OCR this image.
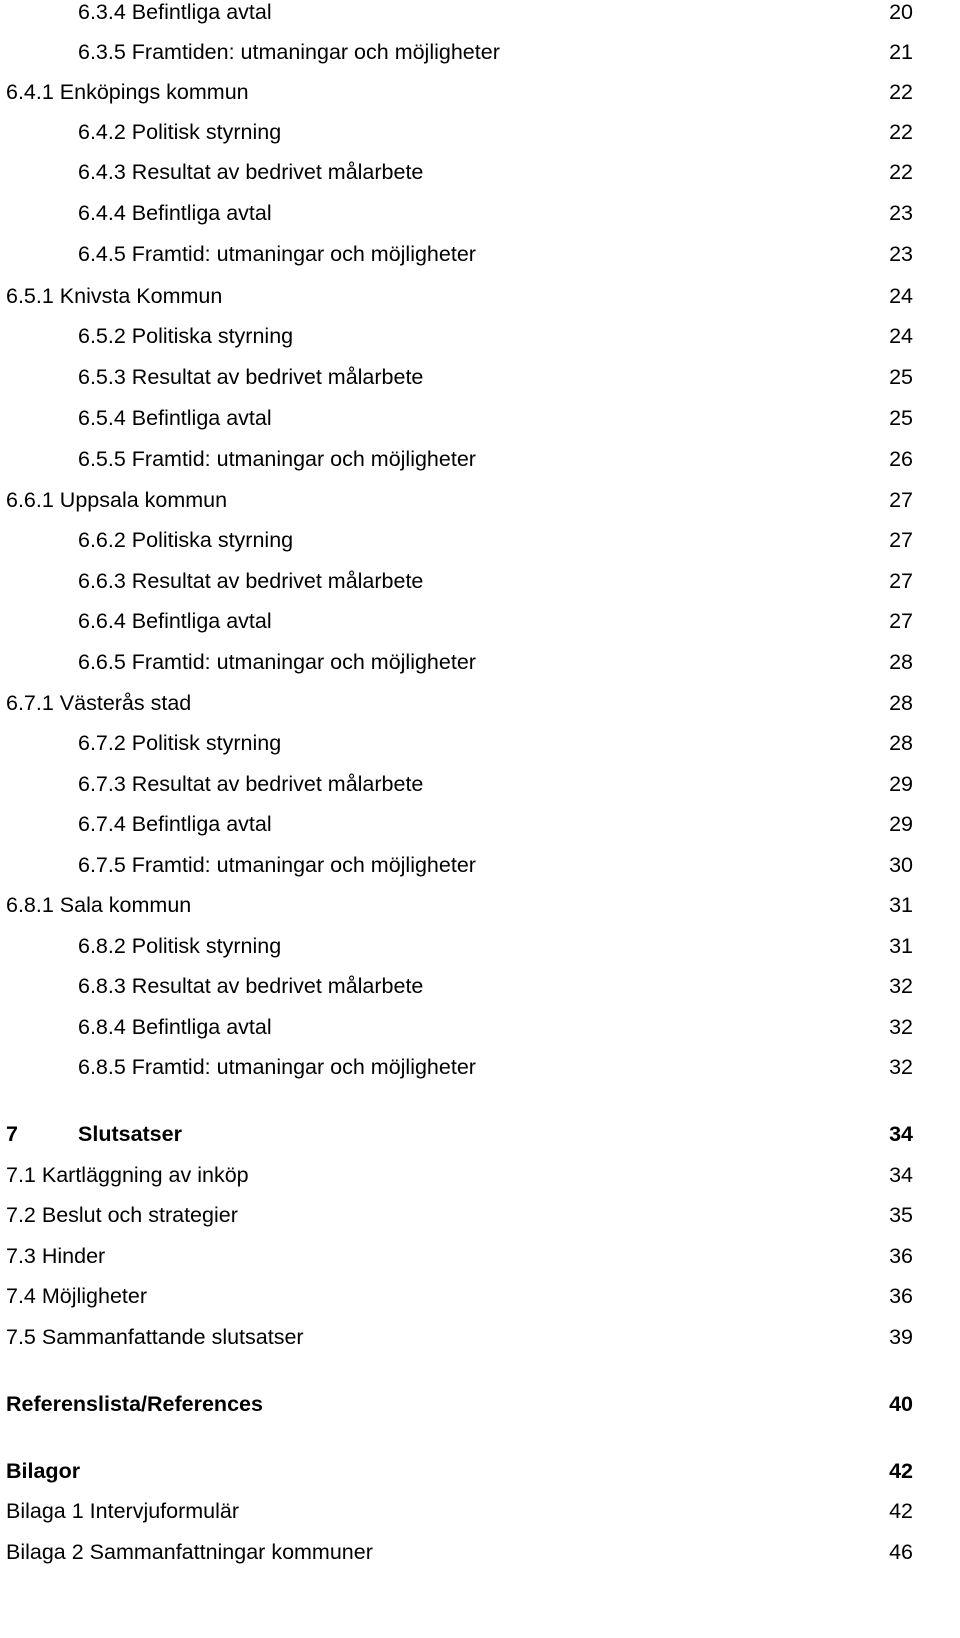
6.3.4 Befintliga avtal	20
6.3.5 Framtiden: utmaningar och möjligheter	21
6.4.1 Enköpings kommun	22
6.4.2 Politisk styrning	22
6.4.3 Resultat av bedrivet målarbete	22
6.4.4 Befintliga avtal	23
6.4.5 Framtid: utmaningar och möjligheter	23
6.5.1 Knivsta Kommun	24
6.5.2 Politiska styrning	24
6.5.3 Resultat av bedrivet målarbete	25
6.5.4 Befintliga avtal	25
6.5.5 Framtid: utmaningar och möjligheter	26
6.6.1 Uppsala kommun	27
6.6.2 Politiska styrning	27
6.6.3 Resultat av bedrivet målarbete	27
6.6.4 Befintliga avtal	27
6.6.5 Framtid: utmaningar och möjligheter	28
6.7.1 Västerås stad	28
6.7.2 Politisk styrning	28
6.7.3 Resultat av bedrivet målarbete	29
6.7.4 Befintliga avtal	29
6.7.5 Framtid: utmaningar och möjligheter	30
6.8.1 Sala kommun	31
6.8.2 Politisk styrning	31
6.8.3 Resultat av bedrivet målarbete	32
6.8.4 Befintliga avtal	32
6.8.5 Framtid: utmaningar och möjligheter	32
7	Slutsatser	34
7.1 Kartläggning av inköp	34
7.2 Beslut och strategier	35
7.3 Hinder	36
7.4 Möjligheter	36
7.5 Sammanfattande slutsatser	39
Referenslista/References	40
Bilagor	42
Bilaga 1 Intervjuformulär	42
Bilaga 2 Sammanfattningar kommuner	46
